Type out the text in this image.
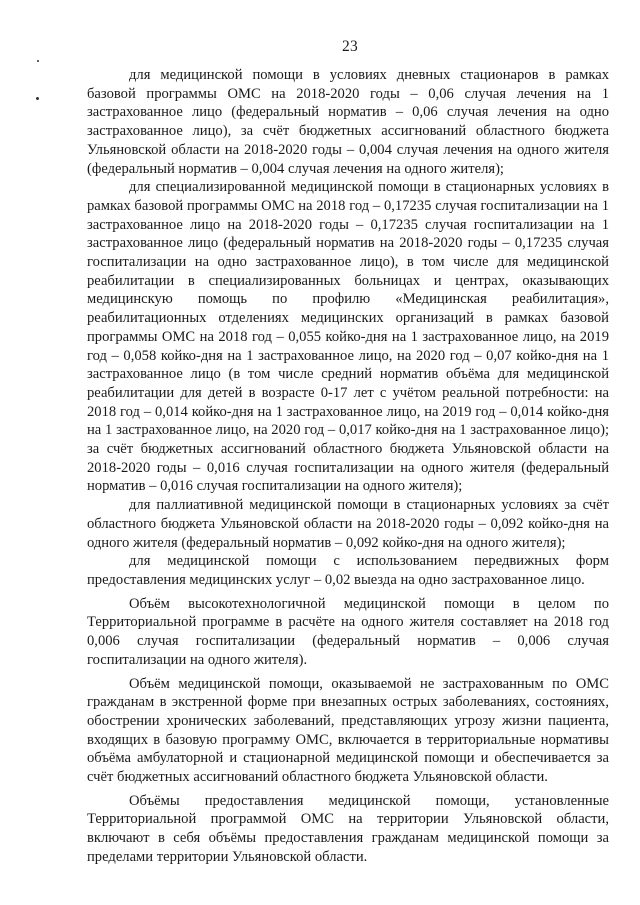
23

для медицинской помощи в условиях дневных стационаров в рамках базовой программы ОМС на 2018-2020 годы – 0,06 случая лечения на 1 застрахованное лицо (федеральный норматив – 0,06 случая лечения на одно застрахованное лицо), за счёт бюджетных ассигнований областного бюджета Ульяновской области на 2018-2020 годы – 0,004 случая лечения на одного жителя (федеральный норматив – 0,004 случая лечения на одного жителя);

для специализированной медицинской помощи в стационарных условиях в рамках базовой программы ОМС на 2018 год – 0,17235 случая госпитализации на 1 застрахованное лицо на 2018-2020 годы – 0,17235 случая госпитализации на 1 застрахованное лицо (федеральный норматив на 2018-2020 годы – 0,17235 случая госпитализации на одно застрахованное лицо), в том числе для медицинской реабилитации в специализированных больницах и центрах, оказывающих медицинскую помощь по профилю «Медицинская реабилитация», реабилитационных отделениях медицинских организаций в рамках базовой программы ОМС на 2018 год – 0,055 койко-дня на 1 застрахованное лицо, на 2019 год – 0,058 койко-дня на 1 застрахованное лицо, на 2020 год – 0,07 койко-дня на 1 застрахованное лицо (в том числе средний норматив объёма для медицинской реабилитации для детей в возрасте 0-17 лет с учётом реальной потребности: на 2018 год – 0,014 койко-дня на 1 застрахованное лицо, на 2019 год – 0,014 койко-дня на 1 застрахованное лицо, на 2020 год – 0,017 койко-дня на 1 застрахованное лицо); за счёт бюджетных ассигнований областного бюджета Ульяновской области на 2018-2020 годы – 0,016 случая госпитализации на одного жителя (федеральный норматив – 0,016 случая госпитализации на одного жителя);

для паллиативной медицинской помощи в стационарных условиях за счёт областного бюджета Ульяновской области на 2018-2020 годы – 0,092 койко-дня на одного жителя (федеральный норматив – 0,092 койко-дня на одного жителя);

для медицинской помощи с использованием передвижных форм предоставления медицинских услуг – 0,02 выезда на одно застрахованное лицо.

Объём высокотехнологичной медицинской помощи в целом по Территориальной программе в расчёте на одного жителя составляет на 2018 год 0,006 случая госпитализации (федеральный норматив – 0,006 случая госпитализации на одного жителя).

Объём медицинской помощи, оказываемой не застрахованным по ОМС гражданам в экстренной форме при внезапных острых заболеваниях, состояниях, обострении хронических заболеваний, представляющих угрозу жизни пациента, входящих в базовую программу ОМС, включается в территориальные нормативы объёма амбулаторной и стационарной медицинской помощи и обеспечивается за счёт бюджетных ассигнований областного бюджета Ульяновской области.

Объёмы предоставления медицинской помощи, установленные Территориальной программой ОМС на территории Ульяновской области, включают в себя объёмы предоставления гражданам медицинской помощи за пределами территории Ульяновской области.
